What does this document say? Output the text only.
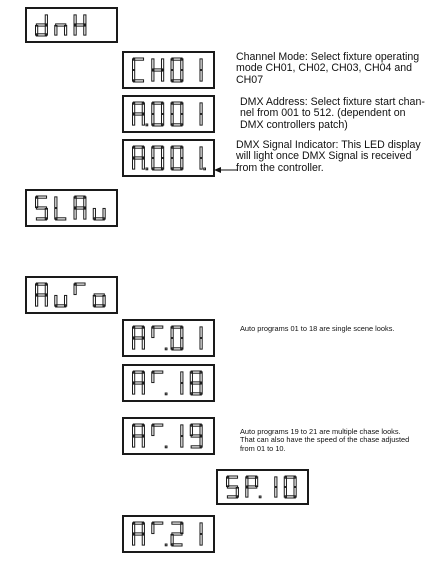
Channel Mode: Select fixture operating
mode CH01, CH02, CH03, CH04 and
CH07
DMX Address: Select fixture start chan-
nel from 001 to 512. (dependent on
DMX controllers patch)
DMX Signal Indicator: This LED display
will light once DMX Signal is received
from the controller.
Auto programs 01 to 18 are single scene looks.
Auto programs 19 to 21 are multiple chase looks.
That can also have the speed of the chase adjusted
from 01 to 10.
